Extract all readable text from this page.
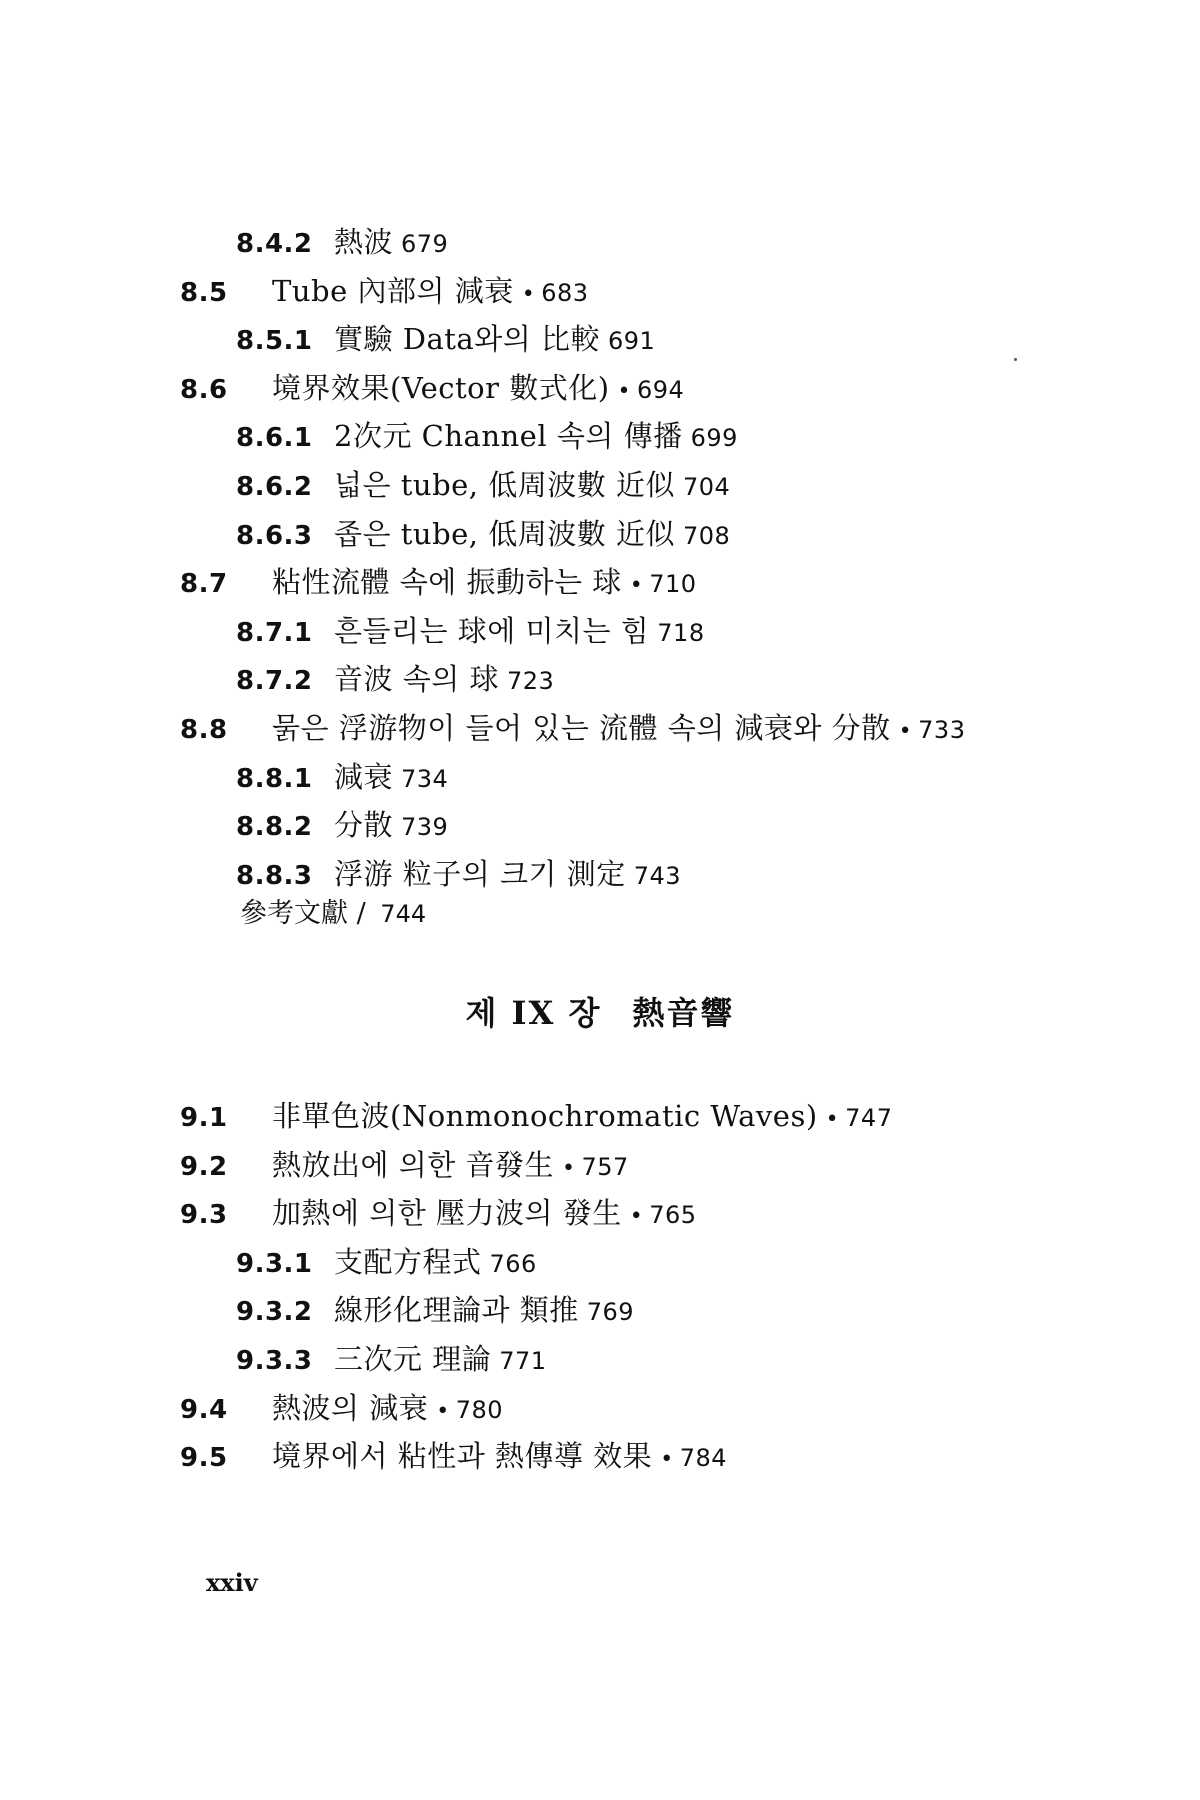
8.4.2 熱波 679
8.5 Tube 內部의 減衰 • 683
8.5.1 實驗 Data와의 比較 691
8.6 境界效果(Vector 數式化) • 694
8.6.1 2次元 Channel 속의 傳播 699
8.6.2 넓은 tube, 低周波數 近似 704
8.6.3 좁은 tube, 低周波數 近似 708
8.7 粘性流體 속에 振動하는 球 • 710
8.7.1 흔들리는 球에 미치는 힘 718
8.7.2 音波 속의 球 723
8.8 묽은 浮游物이 들어 있는 流體 속의 減衰와 分散 • 733
8.8.1 減衰 734
8.8.2 分散 739
8.8.3 浮游 粒子의 크기 測定 743
參考文獻 / 744
제 IX 장 熱音響
9.1 非單色波(Nonmonochromatic Waves) • 747
9.2 熱放出에 의한 音發生 • 757
9.3 加熱에 의한 壓力波의 發生 • 765
9.3.1 支配方程式 766
9.3.2 線形化理論과 類推 769
9.3.3 三次元 理論 771
9.4 熱波의 減衰 • 780
9.5 境界에서 粘性과 熱傳導 效果 • 784
xxiv
